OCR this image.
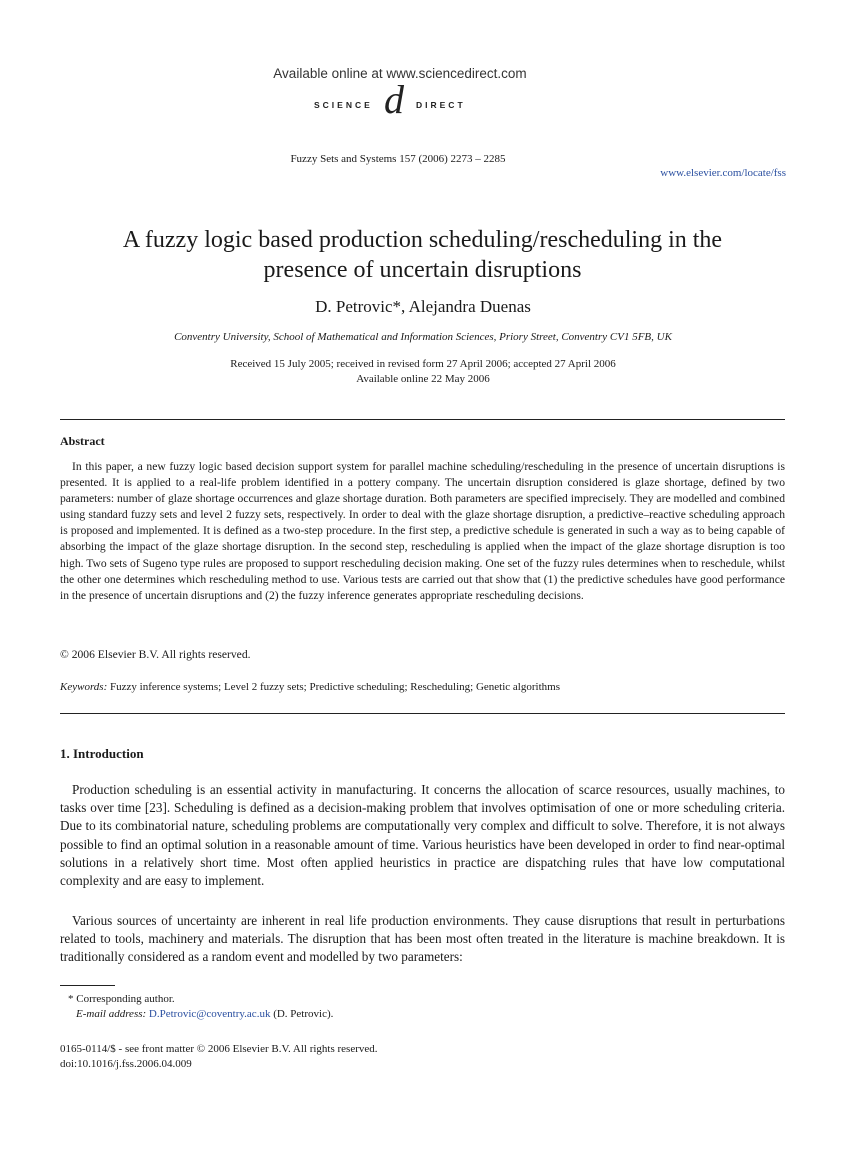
Available online at www.sciencedirect.com
SCIENCE d DIRECT
Fuzzy Sets and Systems 157 (2006) 2273 – 2285
www.elsevier.com/locate/fss
A fuzzy logic based production scheduling/rescheduling in the
presence of uncertain disruptions
D. Petrovic*, Alejandra Duenas
Conventry University, School of Mathematical and Information Sciences, Priory Street, Conventry CV1 5FB, UK
Received 15 July 2005; received in revised form 27 April 2006; accepted 27 April 2006
Available online 22 May 2006
Abstract
In this paper, a new fuzzy logic based decision support system for parallel machine scheduling/rescheduling in the presence of uncertain disruptions is presented. It is applied to a real-life problem identified in a pottery company. The uncertain disruption considered is glaze shortage, defined by two parameters: number of glaze shortage occurrences and glaze shortage duration. Both parameters are specified imprecisely. They are modelled and combined using standard fuzzy sets and level 2 fuzzy sets, respectively. In order to deal with the glaze shortage disruption, a predictive–reactive scheduling approach is proposed and implemented. It is defined as a two-step procedure. In the first step, a predictive schedule is generated in such a way as to being capable of absorbing the impact of the glaze shortage disruption. In the second step, rescheduling is applied when the impact of the glaze shortage disruption is too high. Two sets of Sugeno type rules are proposed to support rescheduling decision making. One set of the fuzzy rules determines when to reschedule, whilst the other one determines which rescheduling method to use. Various tests are carried out that show that (1) the predictive schedules have good performance in the presence of uncertain disruptions and (2) the fuzzy inference generates appropriate rescheduling decisions.
© 2006 Elsevier B.V. All rights reserved.
Keywords: Fuzzy inference systems; Level 2 fuzzy sets; Predictive scheduling; Rescheduling; Genetic algorithms
1. Introduction
Production scheduling is an essential activity in manufacturing. It concerns the allocation of scarce resources, usually machines, to tasks over time [23]. Scheduling is defined as a decision-making problem that involves optimisation of one or more scheduling criteria. Due to its combinatorial nature, scheduling problems are computationally very complex and difficult to solve. Therefore, it is not always possible to find an optimal solution in a reasonable amount of time. Various heuristics have been developed in order to find near-optimal solutions in a relatively short time. Most often applied heuristics in practice are dispatching rules that have low computational complexity and are easy to implement.
Various sources of uncertainty are inherent in real life production environments. They cause disruptions that result in perturbations related to tools, machinery and materials. The disruption that has been most often treated in the literature is machine breakdown. It is traditionally considered as a random event and modelled by two parameters:
* Corresponding author.
E-mail address: D.Petrovic@coventry.ac.uk (D. Petrovic).
0165-0114/$ - see front matter © 2006 Elsevier B.V. All rights reserved.
doi:10.1016/j.fss.2006.04.009
